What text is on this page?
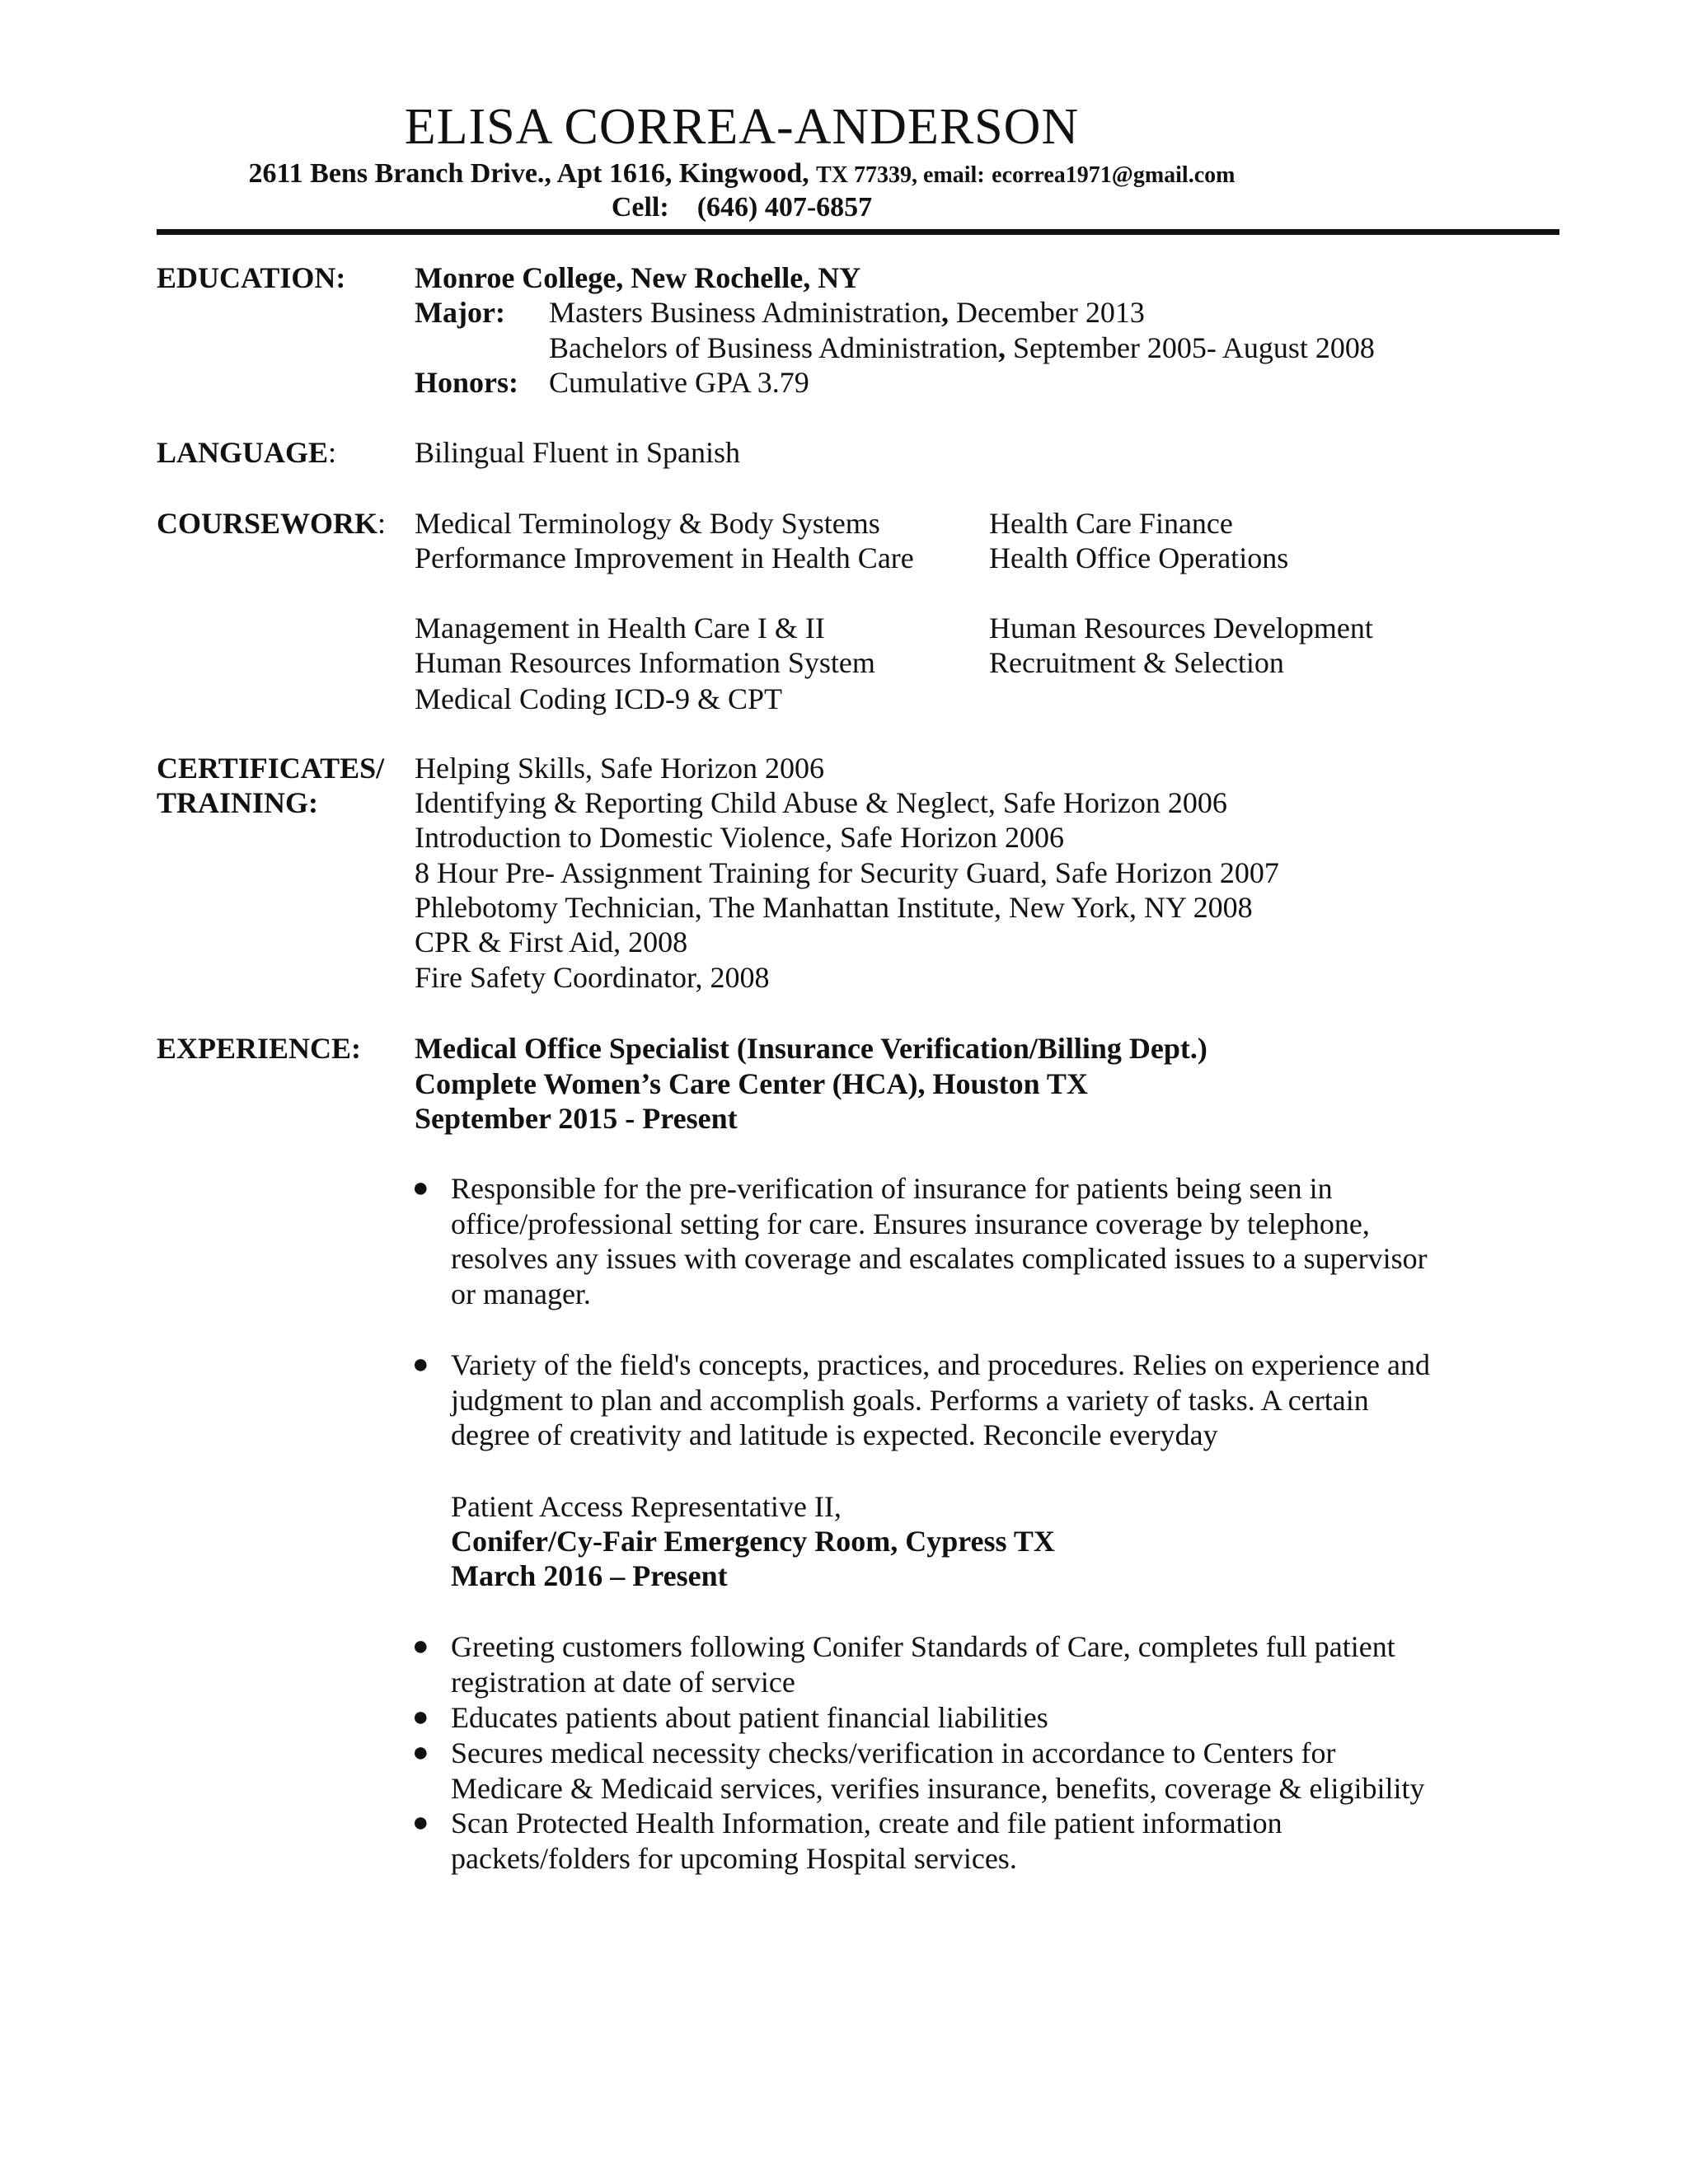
ELISA CORREA-ANDERSON
2611 Bens Branch Drive., Apt 1616, Kingwood, TX 77339, email: ecorrea1971@gmail.com
Cell: (646) 407-6857
EDUCATION: Monroe College, New Rochelle, NY
Major: Masters Business Administration, December 2013
Bachelors of Business Administration, September 2005- August 2008
Honors: Cumulative GPA 3.79
LANGUAGE:	Bilingual Fluent in Spanish
COURSEWORK: Medical Terminology & Body Systems
Performance Improvement in Health Care
Management in Health Care I & II
Human Resources Information System
Medical Coding ICD-9 & CPT
Health Care Finance
Health Office Operations
Human Resources Development
Recruitment & Selection
CERTIFICATES/
TRAINING:
Helping Skills, Safe Horizon 2006
Identifying & Reporting Child Abuse & Neglect, Safe Horizon 2006
Introduction to Domestic Violence, Safe Horizon 2006
8 Hour Pre- Assignment Training for Security Guard, Safe Horizon 2007
Phlebotomy Technician, The Manhattan Institute, New York, NY 2008
CPR & First Aid, 2008
Fire Safety Coordinator, 2008
EXPERIENCE: Medical Office Specialist (Insurance Verification/Billing Dept.)
Complete Women’s Care Center (HCA), Houston TX
September 2015 - Present
● Responsible for the pre-verification of insurance for patients being seen in
office/professional setting for care. Ensures insurance coverage by telephone,
resolves any issues with coverage and escalates complicated issues to a supervisor
or manager.
● Variety of the field's concepts, practices, and procedures. Relies on experience and
judgment to plan and accomplish goals. Performs a variety of tasks. A certain
degree of creativity and latitude is expected. Reconcile everyday
Patient Access Representative II,
Conifer/Cy-Fair Emergency Room, Cypress TX
March 2016 – Present
● Greeting customers following Conifer Standards of Care, completes full patient
registration at date of service
● Educates patients about patient financial liabilities
● Secures medical necessity checks/verification in accordance to Centers for
Medicare & Medicaid services, verifies insurance, benefits, coverage & eligibility
● Scan Protected Health Information, create and file patient information
packets/folders for upcoming Hospital services.
